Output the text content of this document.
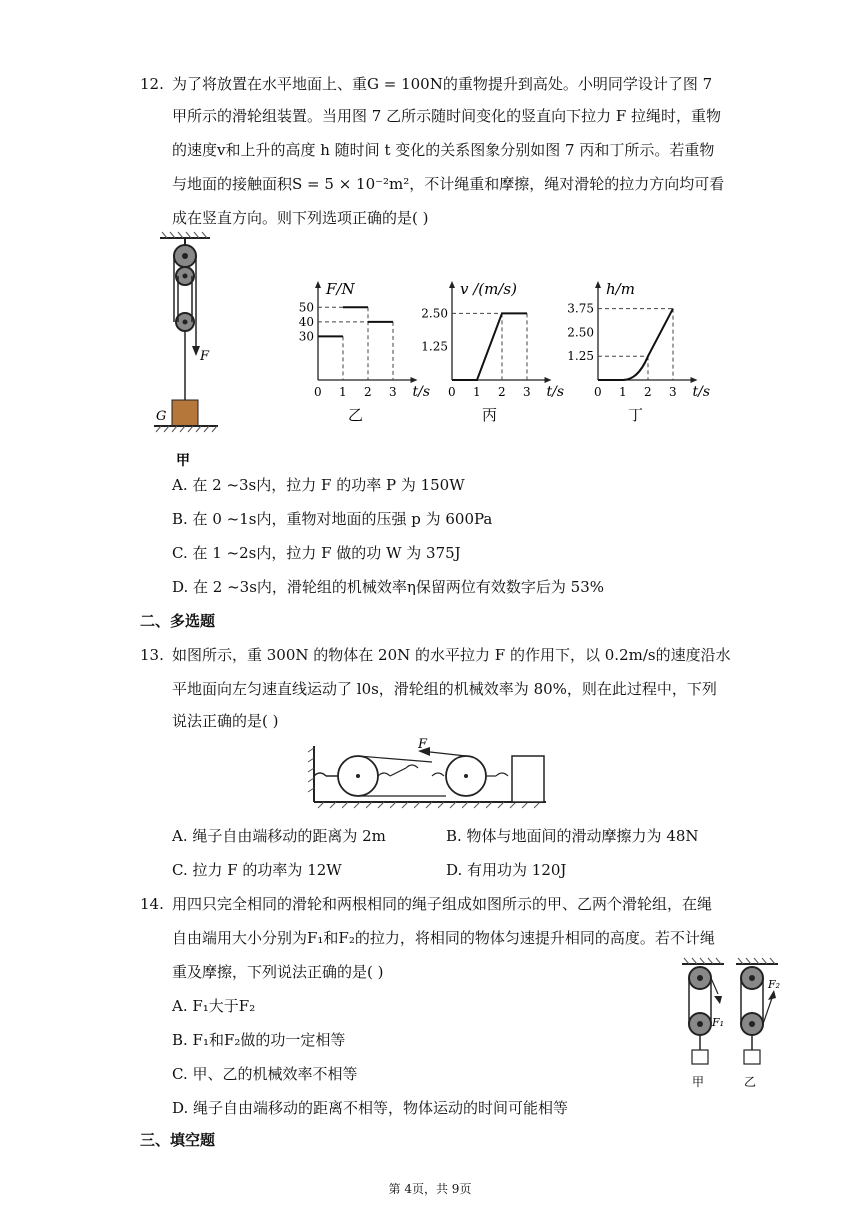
12. 为了将放置在水平地面上、重G = 100N的重物提升到高处。小明同学设计了图 7
甲所示的滑轮组装置。当用图 7 乙所示随时间变化的竖直向下拉力 F 拉绳时，重物
的速度v和上升的高度 h 随时间 t 变化的关系图象分别如图 7 丙和丁所示。若重物
与地面的接触面积S = 5 × 10⁻²m²，不计绳重和摩擦，绳对滑轮的拉力方向均可看
成在竖直方向。则下列选项正确的是( )
F
G
甲
F/N
t/s
0 1 2 3
30
40
50
乙
v /(m/s)
t/s
0 1 2 3
1.25
2.50
丙
h/m
t/s
0 1 2 3
1.25
2.50
3.75
丁
A. 在 2 ~3s内，拉力 F 的功率 P 为 150W
B. 在 0 ~1s内，重物对地面的压强 p 为 600Pa
C. 在 1 ~2s内，拉力 F 做的功 W 为 375J
D. 在 2 ~3s内，滑轮组的机械效率η保留两位有效数字后为 53%
二、多选题
13. 如图所示，重 300N 的物体在 20N 的水平拉力 F 的作用下，以 0.2m/s的速度沿水
平地面向左匀速直线运动了 l0s，滑轮组的机械效率为 80%，则在此过程中，下列
说法正确的是( )
F
A. 绳子自由端移动的距离为 2m	B. 物体与地面间的滑动摩擦力为 48N
C. 拉力 F 的功率为 12W	D. 有用功为 120J
14. 用四只完全相同的滑轮和两根相同的绳子组成如图所示的甲、乙两个滑轮组，在绳
自由端用大小分别为F₁和F₂的拉力，将相同的物体匀速提升相同的高度。若不计绳
重及摩擦，下列说法正确的是( )
F₁
F₂
甲	乙
A. F₁大于F₂
B. F₁和F₂做的功一定相等
C. 甲、乙的机械效率不相等
D. 绳子自由端移动的距离不相等，物体运动的时间可能相等
三、填空题
第 4页，共 9页
